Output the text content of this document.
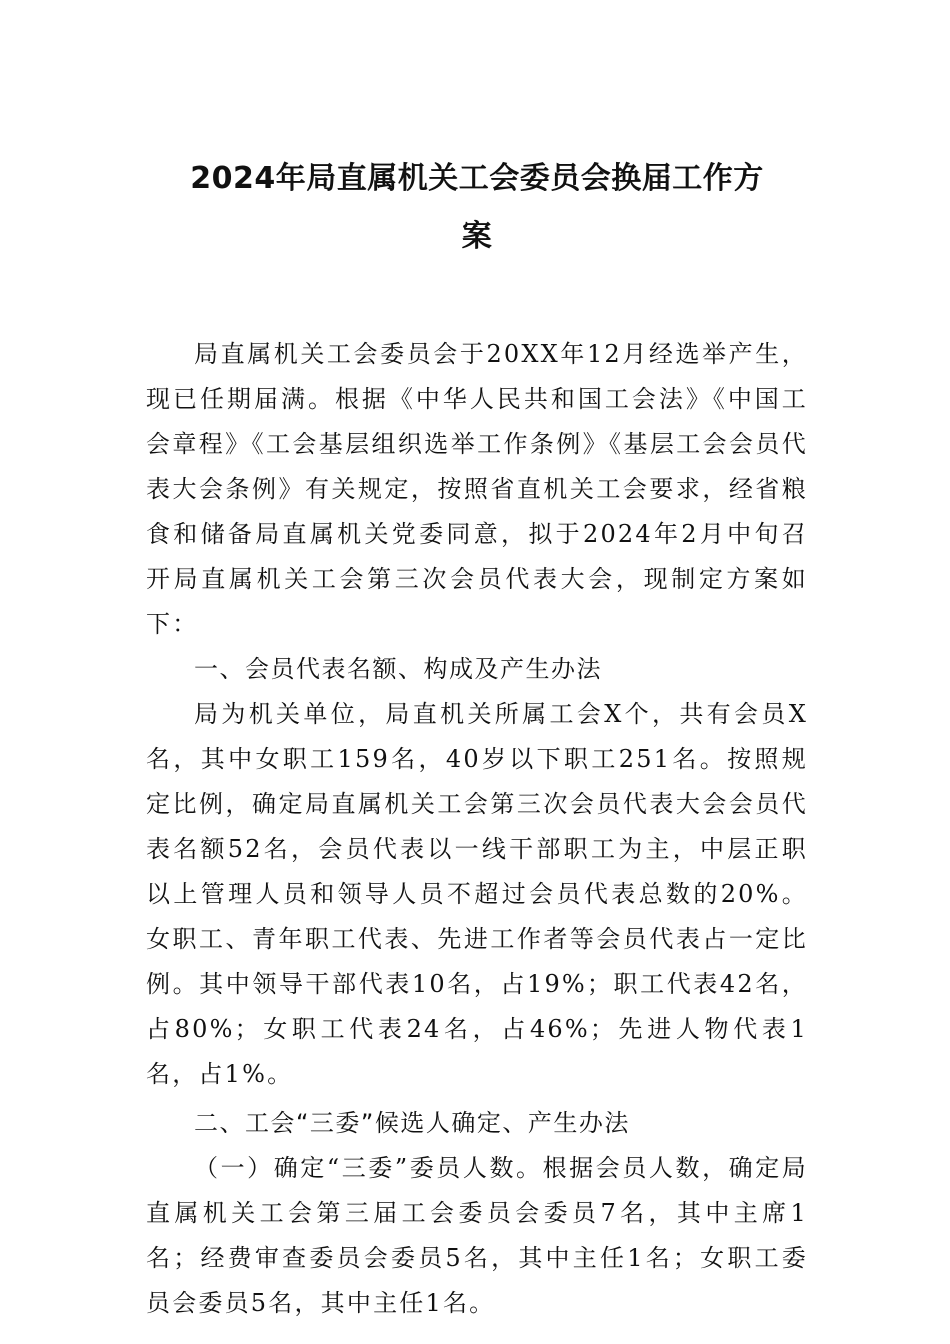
2024年局直属机关工会委员会换届工作方
案

局直属机关工会委员会于20XX年12月经选举产生，现已任期届满。根据《中华人民共和国工会法》《中国工会章程》《工会基层组织选举工作条例》《基层工会会员代表大会条例》有关规定，按照省直机关工会要求，经省粮食和储备局直属机关党委同意，拟于2024年2月中旬召开局直属机关工会第三次会员代表大会，现制定方案如下：

一、会员代表名额、构成及产生办法

局为机关单位，局直机关所属工会X个，共有会员X名，其中女职工159名，40岁以下职工251名。按照规定比例，确定局直属机关工会第三次会员代表大会会员代表名额52名，会员代表以一线干部职工为主，中层正职以上管理人员和领导人员不超过会员代表总数的20%。女职工、青年职工代表、先进工作者等会员代表占一定比例。其中领导干部代表10名，占19%；职工代表42名，占80%；女职工代表24名，占46%；先进人物代表1名，占1%。

二、工会“三委”候选人确定、产生办法

（一）确定“三委”委员人数。根据会员人数，确定局直属机关工会第三届工会委员会委员7名，其中主席1名；经费审查委员会委员5名，其中主任1名；女职工委员会委员5名，其中主任1名。
